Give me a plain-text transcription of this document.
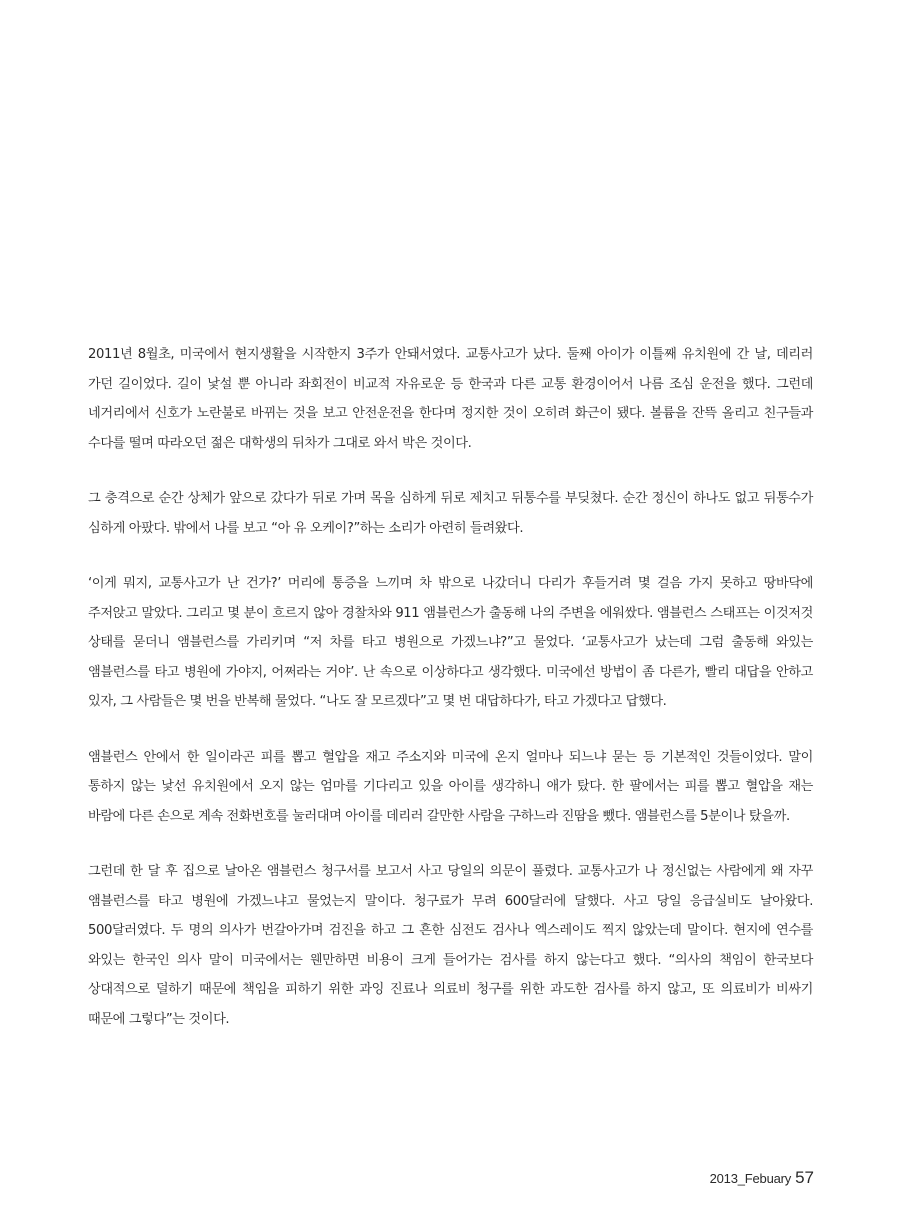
2011년 8월초, 미국에서 현지생활을 시작한지 3주가 안돼서였다. 교통사고가 났다. 둘째 아이가 이틀째 유치원에 간 날, 데리러 가던 길이었다. 길이 낯설 뿐 아니라 좌회전이 비교적 자유로운 등 한국과 다른 교통 환경이어서 나름 조심 운전을 했다. 그런데 네거리에서 신호가 노란불로 바뀌는 것을 보고 안전운전을 한다며 정지한 것이 오히려 화근이 됐다. 볼륨을 잔뜩 올리고 친구들과 수다를 떨며 따라오던 젊은 대학생의 뒤차가 그대로 와서 박은 것이다.

그 충격으로 순간 상체가 앞으로 갔다가 뒤로 가며 목을 심하게 뒤로 제치고 뒤통수를 부딪쳤다. 순간 정신이 하나도 없고 뒤통수가 심하게 아팠다. 밖에서 나를 보고 “아 유 오케이?”하는 소리가 아련히 들려왔다.

‘이게 뭐지, 교통사고가 난 건가?’ 머리에 통증을 느끼며 차 밖으로 나갔더니 다리가 후들거려 몇 걸음 가지 못하고 땅바닥에 주저앉고 말았다. 그리고 몇 분이 흐르지 않아 경찰차와 911 앰블런스가 출동해 나의 주변을 에워쌌다. 앰블런스 스태프는 이것저것 상태를 묻더니 앰블런스를 가리키며 “저 차를 타고 병원으로 가겠느냐?”고 물었다. ‘교통사고가 났는데 그럼 출동해 와있는 앰블런스를 타고 병원에 가야지, 어쩌라는 거야’. 난 속으로 이상하다고 생각했다. 미국에선 방법이 좀 다른가, 빨리 대답을 안하고 있자, 그 사람들은 몇 번을 반복해 물었다. “나도 잘 모르겠다”고 몇 번 대답하다가, 타고 가겠다고 답했다.

앰블런스 안에서 한 일이라곤 피를 뽑고 혈압을 재고 주소지와 미국에 온지 얼마나 되느냐 묻는 등 기본적인 것들이었다. 말이 통하지 않는 낯선 유치원에서 오지 않는 엄마를 기다리고 있을 아이를 생각하니 애가 탔다. 한 팔에서는 피를 뽑고 혈압을 재는 바람에 다른 손으로 계속 전화번호를 눌러대며 아이를 데리러 갈만한 사람을 구하느라 진땀을 뺐다. 앰블런스를 5분이나 탔을까.

그런데 한 달 후 집으로 날아온 앰블런스 청구서를 보고서 사고 당일의 의문이 풀렸다. 교통사고가 나 정신없는 사람에게 왜 자꾸 앰블런스를 타고 병원에 가겠느냐고 물었는지 말이다. 청구료가 무려 600달러에 달했다. 사고 당일 응급실비도 날아왔다. 500달러였다. 두 명의 의사가 번갈아가며 검진을 하고 그 흔한 심전도 검사나 엑스레이도 찍지 않았는데 말이다. 현지에 연수를 와있는 한국인 의사 말이 미국에서는 웬만하면 비용이 크게 들어가는 검사를 하지 않는다고 했다. “의사의 책임이 한국보다 상대적으로 덜하기 때문에 책임을 피하기 위한 과잉 진료나 의료비 청구를 위한 과도한 검사를 하지 않고, 또 의료비가 비싸기 때문에 그렇다”는 것이다.

2013_Febuary 57
